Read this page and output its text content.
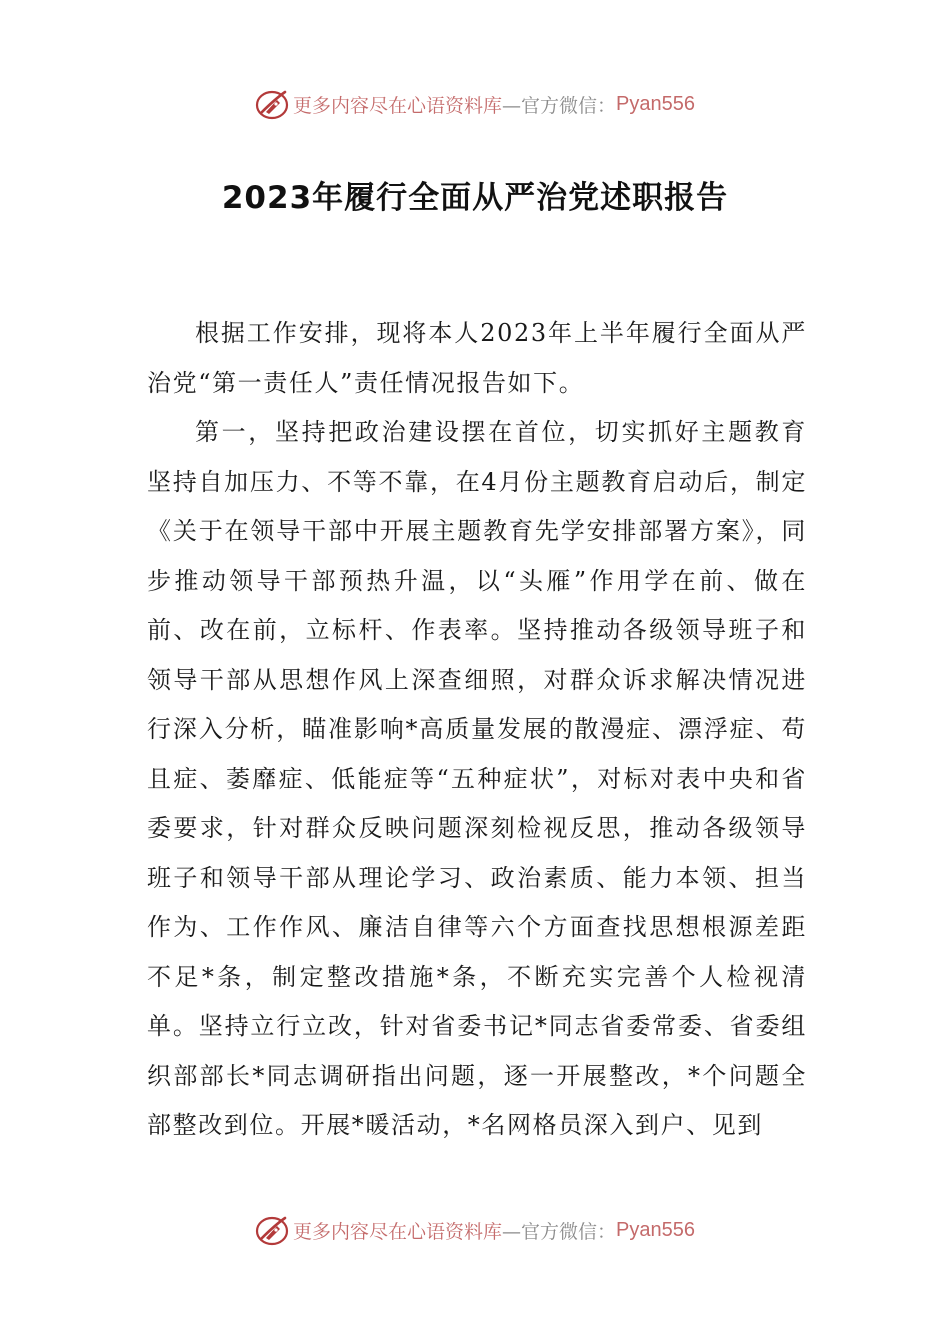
更多内容尽在心语资料库 —官方微信： Pyan556
2023年履行全面从严治党述职报告

根据工作安排，现将本人2023年上半年履行全面从严治党“第一责任人”责任情况报告如下。

第一，坚持把政治建设摆在首位，切实抓好主题教育坚持自加压力、不等不靠，在4月份主题教育启动后，制定《关于在领导干部中开展主题教育先学安排部署方案》，同步推动领导干部预热升温，以“头雁”作用学在前、做在前、改在前，立标杆、作表率。坚持推动各级领导班子和领导干部从思想作风上深查细照，对群众诉求解决情况进行深入分析，瞄准影响*高质量发展的散漫症、漂浮症、苟且症、萎靡症、低能症等“五种症状”，对标对表中央和省委要求，针对群众反映问题深刻检视反思，推动各级领导班子和领导干部从理论学习、政治素质、能力本领、担当作为、工作作风、廉洁自律等六个方面查找思想根源差距不足*条，制定整改措施*条，不断充实完善个人检视清单。坚持立行立改，针对省委书记*同志省委常委、省委组织部部长*同志调研指出问题，逐一开展整改，*个问题全部整改到位。开展*暖活动，*名网格员深入到户、见到

更多内容尽在心语资料库 —官方微信： Pyan556
